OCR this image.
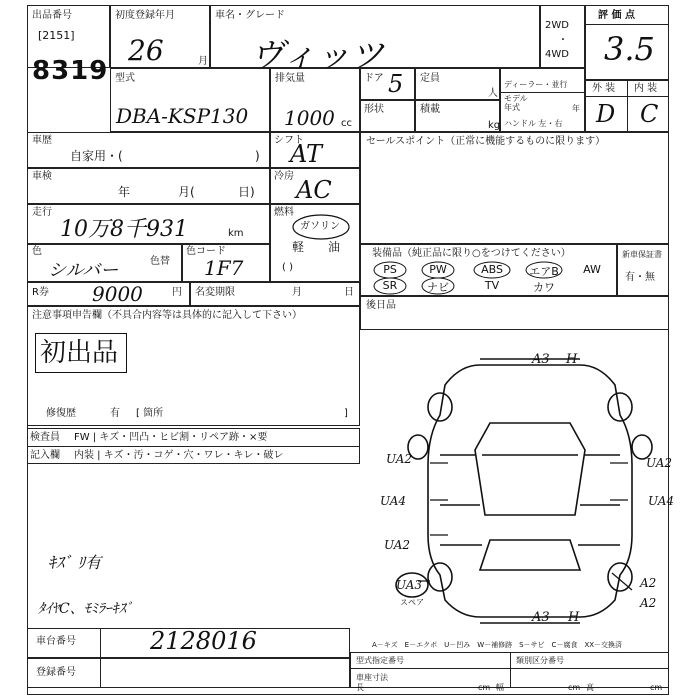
出品番号
[2151]
8319
初度登録年月
26	月
車名・グレード
ヴィッツ
2WD
・
4WD
評 価 点
3.5
型式
DBA-KSP130
排気量
1000 cc
ドア 5 定員
人
形状	積載
kg
ディーラー・並行
モデル
年式	年
ハンドル 左・右
外 装 内 装
D C
車歴
自家用・(	)
車検
年	月(	日)
走行
10万8千931	km
色
シルバー	色替
色コード
1F7
シフト
AT
冷房 AC
燃料
ガソリン
軽 油
( )
R券 9000	円 名変期限	月	日
注意事項申告欄（不具合内容等は具体的に記入して下さい）
初出品
修復歴	有 [ 箇所	]
検査員
記入欄
FW | キズ・凹凸・ヒビ割・リペア跡・×要
内装 | キズ・汚・コゲ・穴・ワレ・キレ・破レ
ｷｽﾞ ﾘ有
ﾀｲﾔC、ﾓﾐﾗｰｷｽﾞ
セールスポイント（正常に機能するものに限ります）
装備品（純正品に限り○をつけてください）	新車保証書
有・無
PS	PW	ABS	エアB	AW
SR	ナビ	TV	カワ
後日品
A3 H
UA2
UA4
UA2
UA3
スペア
UA2
UA4
A2
A2
A3 H
車台番号	2128016
登録番号
A－キズ　E－エクボ　U－凹み　W－補修跡　S－サビ　C－腐食　XX－交換済
型式指定番号	類別区分番号
車座寸法
長	cm 幅	cm 高	cm
